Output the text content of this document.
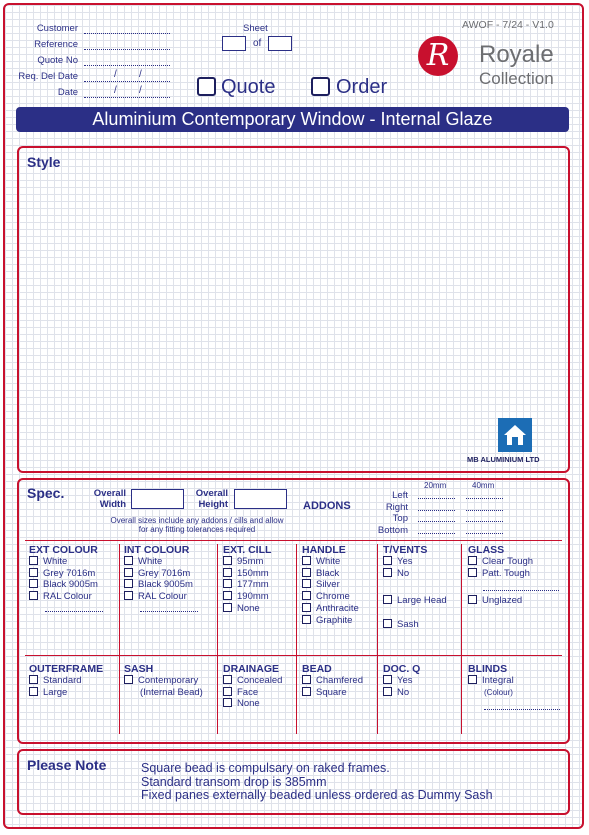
Customer
Reference
Quote No
Req. Del Date	/ /
Date	/ /
Sheet
of
Quote	Order
AWOF - 7/24 - V1.0
R	Royale
Collection
Aluminium Contemporary Window - Internal Glaze
Style
MB ALUMINIUM LTD
Spec.	Overall
Width
Overall
Height
Overall sizes include any addons / cills and allow
for any fitting tolerances required
ADDONS
20mm	40mm
Left
Right
Top
Bottom
EXT COLOUR
White
Grey 7016m
Black 9005m
RAL Colour
INT COLOUR
White
Grey 7016m
Black 9005m
RAL Colour
EXT. CILL
95mm
150mm
177mm
190mm
None
HANDLE
White
Black
Silver
Chrome
Anthracite
Graphite
T/VENTS
Yes
No
Large Head
Sash
GLASS
Clear Tough
Patt. Tough
Unglazed
OUTERFRAME
Standard
Large
SASH
Contemporary
(Internal Bead)
DRAINAGE
Concealed
Face
None
BEAD
Chamfered
Square
DOC. Q
Yes
No
BLINDS
Integral
(Colour)
Please Note	Square bead is compulsary on raked frames.
Standard transom drop is 385mm
Fixed panes externally beaded unless ordered as Dummy Sash
